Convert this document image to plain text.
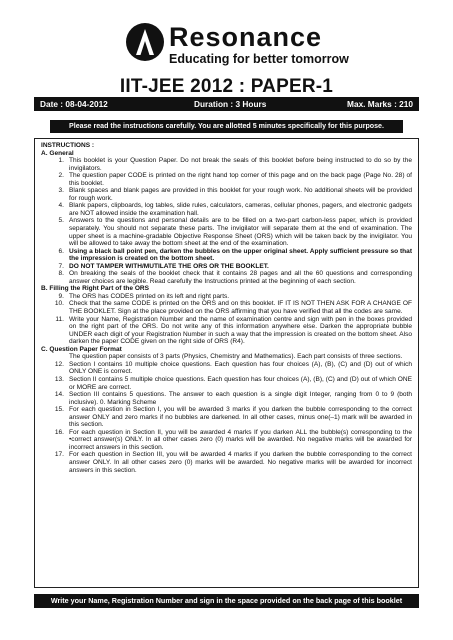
Resonance
Educating for better tomorrow
IIT-JEE 2012 : PAPER-1
Date : 08-04-2012	Duration : 3 Hours	Max. Marks : 210
Please read the instructions carefully. You are allotted 5 minutes specifically for this purpose.
INSTRUCTIONS :
A. General
1. This booklet is your Question Paper. Do not break the seals of this booklet before being instructed to do so by the invigilators.
2. The question paper CODE is printed on the right hand top corner of this page and on the back page (Page No. 28) of this booklet.
3. Blank spaces and blank pages are provided in this booklet for your rough work. No additional sheets will be provided for rough work.
4. Blank papers, clipboards, log tables, slide rules, calculators, cameras, cellular phones, pagers, and electronic gadgets are NOT allowed inside the examination hall.
5. Answers to the questions and personal details are to be filled on a two-part carbon-less paper, which is provided separately. You should not separate these parts. The invigilator will separate them at the end of examination. The upper sheet is a machine-gradable Objective Response Sheet (ORS) which will be taken back by the invigilator. You will be allowed to take away the bottom sheet at the end of the examination.
6. Using a black ball point pen, darken the bubbles on the upper original sheet. Apply sufficient pressure so that the impression is created on the bottom sheet.
7. DO NOT TAMPER WITH/MUTILATE THE ORS OR THE BOOKLET.
8. On breaking the seals of the booklet check that it contains 28 pages and all the 60 questions and corresponding answer choices are legible. Read carefully the Instructions printed at the beginning of each section.
B. Filling the Right Part of the ORS
9. The ORS has CODES printed on its left and right parts.
10. Check that the same CODE is printed on the ORS and on this booklet. IF IT IS NOT THEN ASK FOR A CHANGE OF THE BOOKLET. Sign at the place provided on the ORS affirming that you have verified that all the codes are same.
11. Write your Name, Registration Number and the name of examination centre and sign with pen in the boxes provided on the right part of the ORS. Do not write any of this information anywhere else. Darken the appropriate bubble UNDER each digit of your Registration Number in such a way that the impression is created on the bottom sheet. Also darken the paper CODE given on the right side of ORS (R4).
C. Question Paper Format
The question paper consists of 3 parts (Physics, Chemistry and Mathematics). Each part consists of three sections.
12. Section I contains 10 multiple choice questions. Each question has four choices (A), (B), (C) and (D) out of which ONLY ONE is correct.
13. Section II contains 5 multiple choice questions. Each question has four choices (A), (B), (C) and (D) out of which ONE or MORE are correct.
14. Section III contains 5 questions. The answer to each question is a single digit Integer, ranging from 0 to 9 (both inclusive). 0. Marking Scheme
15. For each question in Section I, you will be awarded 3 marks if you darken the bubble corresponding to the correct answer ONLY and zero marks if no bubbles are darkened. In all other cases, minus one(–1) mark will be awarded in this section.
16. For each question in Section II, you will be awarded 4 marks If you darken ALL the bubble(s) corresponding to the •correct answer(s) ONLY. In all other cases zero (0) marks will be awarded. No negative marks will be awarded for incorrect answers in this section.
17. For each question in Section III, you will be awarded 4 marks if you darken the bubble corresponding to the correct answer ONLY. In all other cases zero (0) marks will be awarded. No negative marks will be awarded for incorrect answers in this section.
Write your Name, Registration Number and sign in the space provided on the back page of this booklet
